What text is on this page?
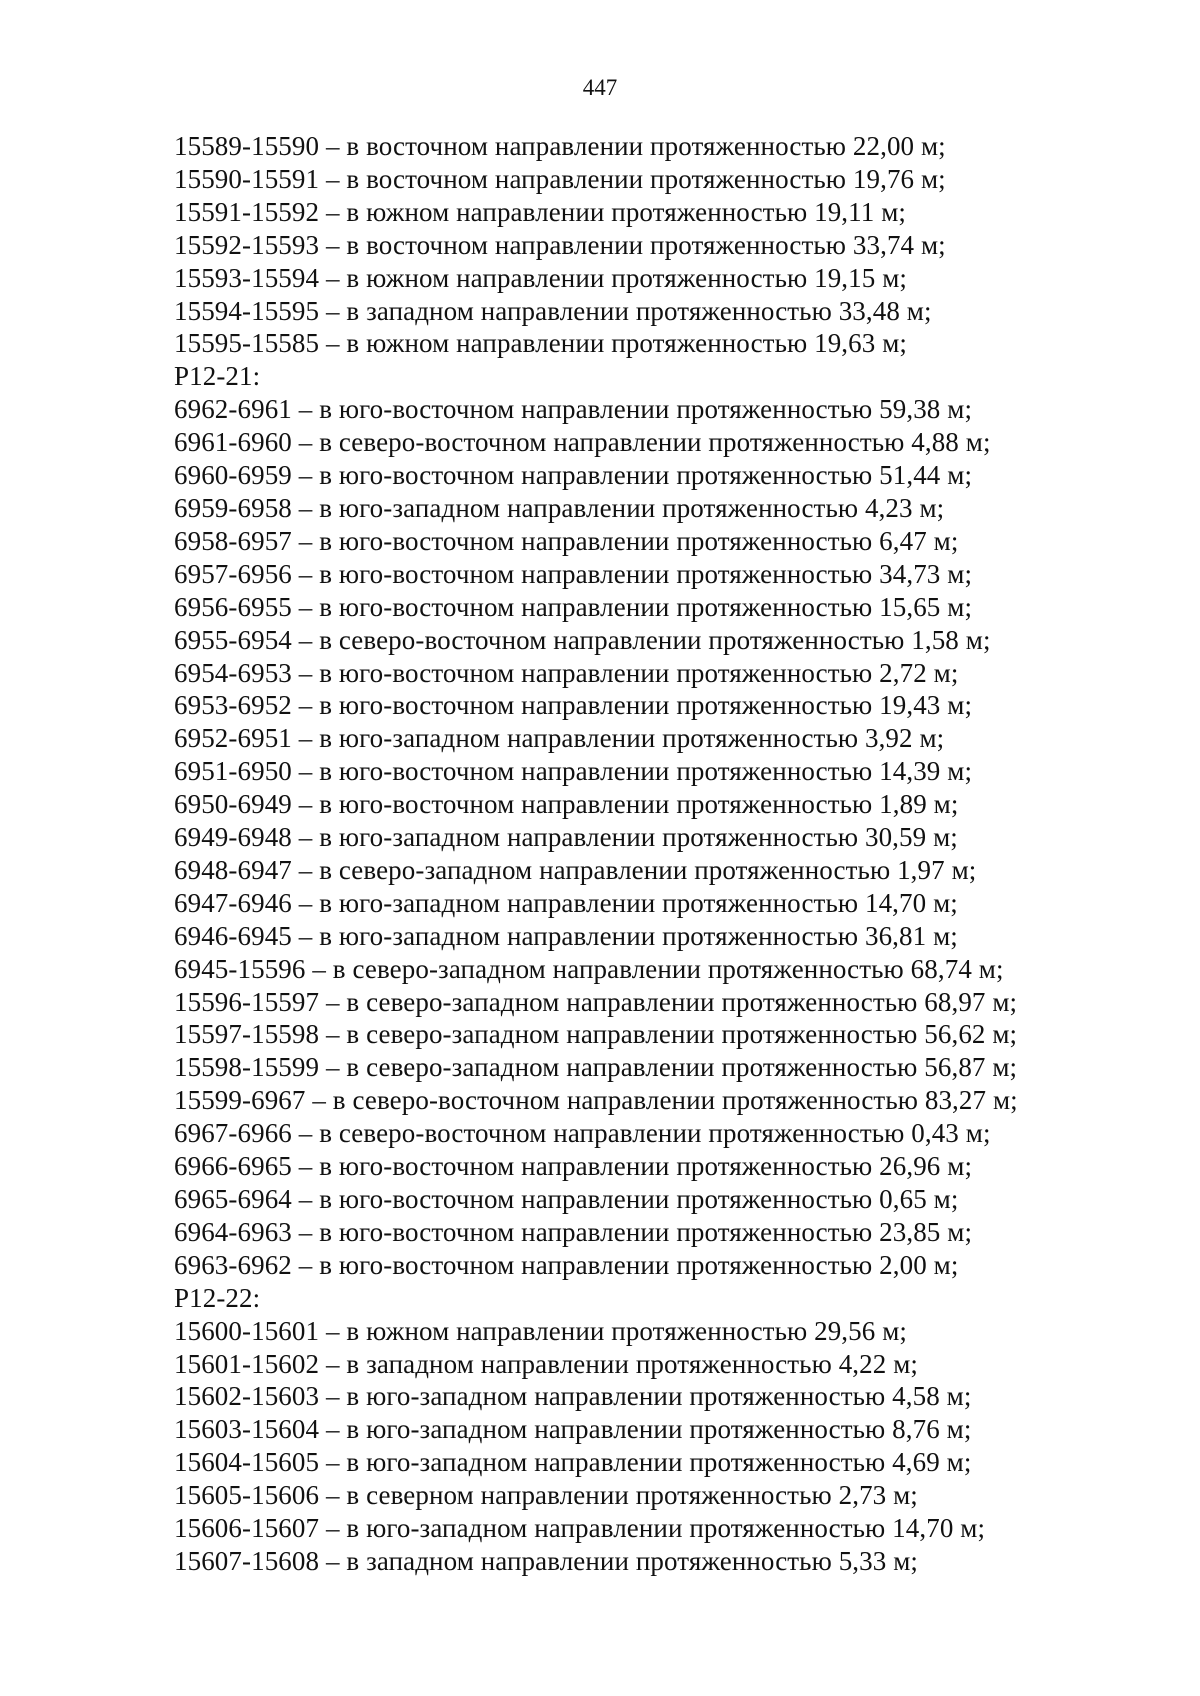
447
15589-15590 – в восточном направлении протяженностью 22,00 м;
15590-15591 – в восточном направлении протяженностью 19,76 м;
15591-15592 – в южном направлении протяженностью 19,11 м;
15592-15593 – в восточном направлении протяженностью 33,74 м;
15593-15594 – в южном направлении протяженностью 19,15 м;
15594-15595 – в западном направлении протяженностью 33,48 м;
15595-15585 – в южном направлении протяженностью 19,63 м;
Р12-21:
6962-6961 – в юго-восточном направлении протяженностью 59,38 м;
6961-6960 – в северо-восточном направлении протяженностью 4,88 м;
6960-6959 – в юго-восточном направлении протяженностью 51,44 м;
6959-6958 – в юго-западном направлении протяженностью 4,23 м;
6958-6957 – в юго-восточном направлении протяженностью 6,47 м;
6957-6956 – в юго-восточном направлении протяженностью 34,73 м;
6956-6955 – в юго-восточном направлении протяженностью 15,65 м;
6955-6954 – в северо-восточном направлении протяженностью 1,58 м;
6954-6953 – в юго-восточном направлении протяженностью 2,72 м;
6953-6952 – в юго-восточном направлении протяженностью 19,43 м;
6952-6951 – в юго-западном направлении протяженностью 3,92 м;
6951-6950 – в юго-восточном направлении протяженностью 14,39 м;
6950-6949 – в юго-восточном направлении протяженностью 1,89 м;
6949-6948 – в юго-западном направлении протяженностью 30,59 м;
6948-6947 – в северо-западном направлении протяженностью 1,97 м;
6947-6946 – в юго-западном направлении протяженностью 14,70 м;
6946-6945 – в юго-западном направлении протяженностью 36,81 м;
6945-15596 – в северо-западном направлении протяженностью 68,74 м;
15596-15597 – в северо-западном направлении протяженностью 68,97 м;
15597-15598 – в северо-западном направлении протяженностью 56,62 м;
15598-15599 – в северо-западном направлении протяженностью 56,87 м;
15599-6967 – в северо-восточном направлении протяженностью 83,27 м;
6967-6966 – в северо-восточном направлении протяженностью 0,43 м;
6966-6965 – в юго-восточном направлении протяженностью 26,96 м;
6965-6964 – в юго-восточном направлении протяженностью 0,65 м;
6964-6963 – в юго-восточном направлении протяженностью 23,85 м;
6963-6962 – в юго-восточном направлении протяженностью 2,00 м;
Р12-22:
15600-15601 – в южном направлении протяженностью 29,56 м;
15601-15602 – в западном направлении протяженностью 4,22 м;
15602-15603 – в юго-западном направлении протяженностью 4,58 м;
15603-15604 – в юго-западном направлении протяженностью 8,76 м;
15604-15605 – в юго-западном направлении протяженностью 4,69 м;
15605-15606 – в северном направлении протяженностью 2,73 м;
15606-15607 – в юго-западном направлении протяженностью 14,70 м;
15607-15608 – в западном направлении протяженностью 5,33 м;
